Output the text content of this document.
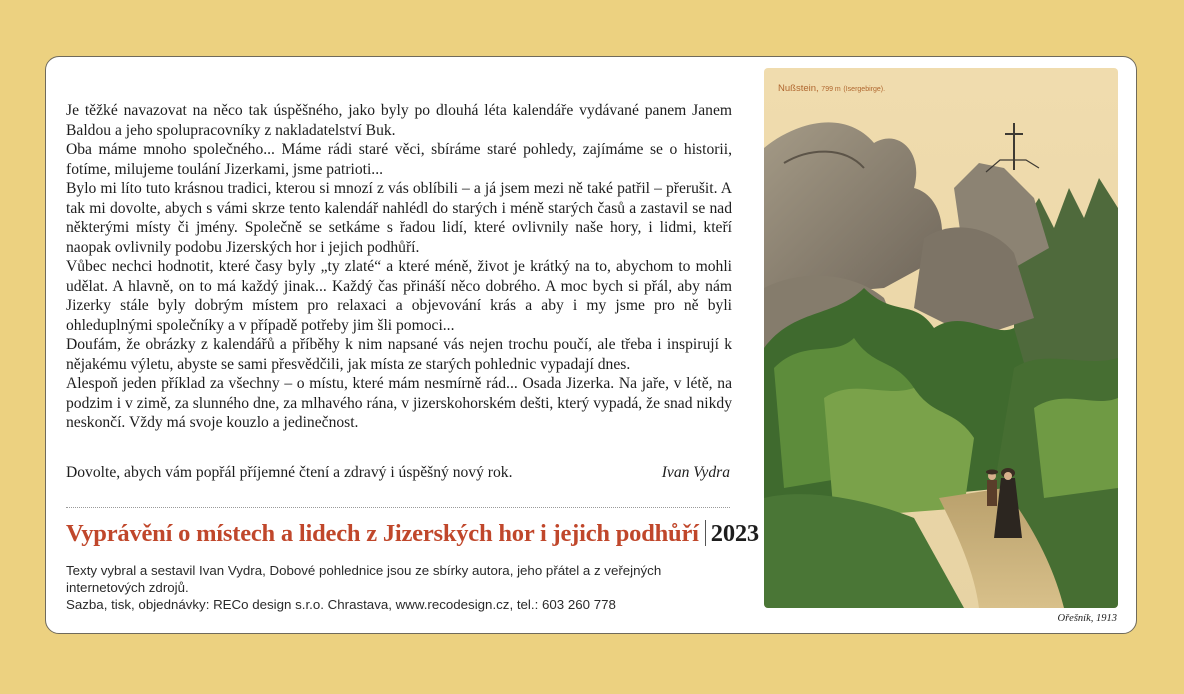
Je těžké navazovat na něco tak úspěšného, jako byly po dlouhá léta kalendáře vydávané panem Janem Baldou a jeho spolupracovníky z nakladatelství Buk.

Oba máme mnoho společného... Máme rádi staré věci, sbíráme staré pohledy, zajímáme se o historii, fotíme, milujeme toulání Jizerkami, jsme patrioti...

Bylo mi líto tuto krásnou tradici, kterou si mnozí z vás oblíbili – a já jsem mezi ně také patřil – přerušit. A tak mi dovolte, abych s vámi skrze tento kalendář nahlédl do starých i méně starých časů a zastavil se nad některými místy či jmény. Společně se setkáme s řadou lidí, které ovlivnily naše hory, i lidmi, kteří naopak ovlivnily podobu Jizerských hor i jejich podhůří.

Vůbec nechci hodnotit, které časy byly „ty zlaté“ a které méně, život je krátký na to, abychom to mohli udělat. A hlavně, on to má každý jinak... Každý čas přináší něco dobrého. A moc bych si přál, aby nám Jizerky stále byly dobrým místem pro relaxaci a objevování krás a aby i my jsme pro ně byli ohleduplnými společníky a v případě potřeby jim šli pomoci...

Doufám, že obrázky z kalendářů a příběhy k nim napsané vás nejen trochu poučí, ale třeba i inspirují k nějakému výletu, abyste se sami přesvědčili, jak místa ze starých pohlednic vypadají dnes.

Alespoň jeden příklad za všechny – o místu, které mám nesmírně rád... Osada Jizerka. Na jaře, v létě, na podzim i v zimě, za slunného dne, za mlhavého rána, v jizerskohorském dešti, který vypadá, že snad nikdy neskončí. Vždy má svoje kouzlo a jedinečnost.

Dovolte, abych vám popřál příjemné čtení a zdravý i úspěšný nový rok.	Ivan Vydra
Vyprávění o místech a lidech z Jizerských hor i jejich podhůří 2023

Texty vybral a sestavil Ivan Vydra, Dobové pohlednice jsou ze sbírky autora, jeho přátel a z veřejných internetových zdrojů.

Sazba, tisk, objednávky: RECo design s.r.o. Chrastava, www.recodesign.cz, tel.: 603 260 778

Nußstein, 799 m (Isergebirge).
Ořešník, 1913
